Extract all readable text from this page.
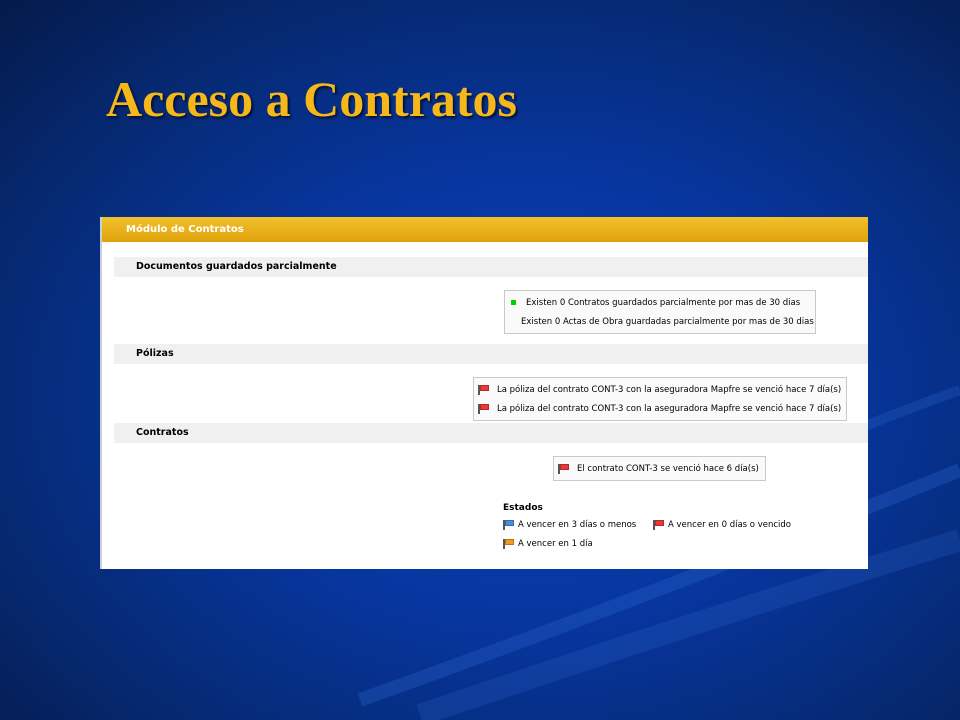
Acceso a Contratos
Módulo de Contratos
Documentos guardados parcialmente
Existen 0 Contratos guardados parcialmente por mas de 30 dias
Existen 0 Actas de Obra guardadas parcialmente por mas de 30 dias
Pólizas
La póliza del contrato CONT-3 con la aseguradora Mapfre se venció hace 7 día(s)
La póliza del contrato CONT-3 con la aseguradora Mapfre se venció hace 7 día(s)
Contratos
El contrato CONT-3 se venció hace 6 día(s)
Estados
A vencer en 3 días o menos	A vencer en 0 días o vencido
A vencer en 1 día
